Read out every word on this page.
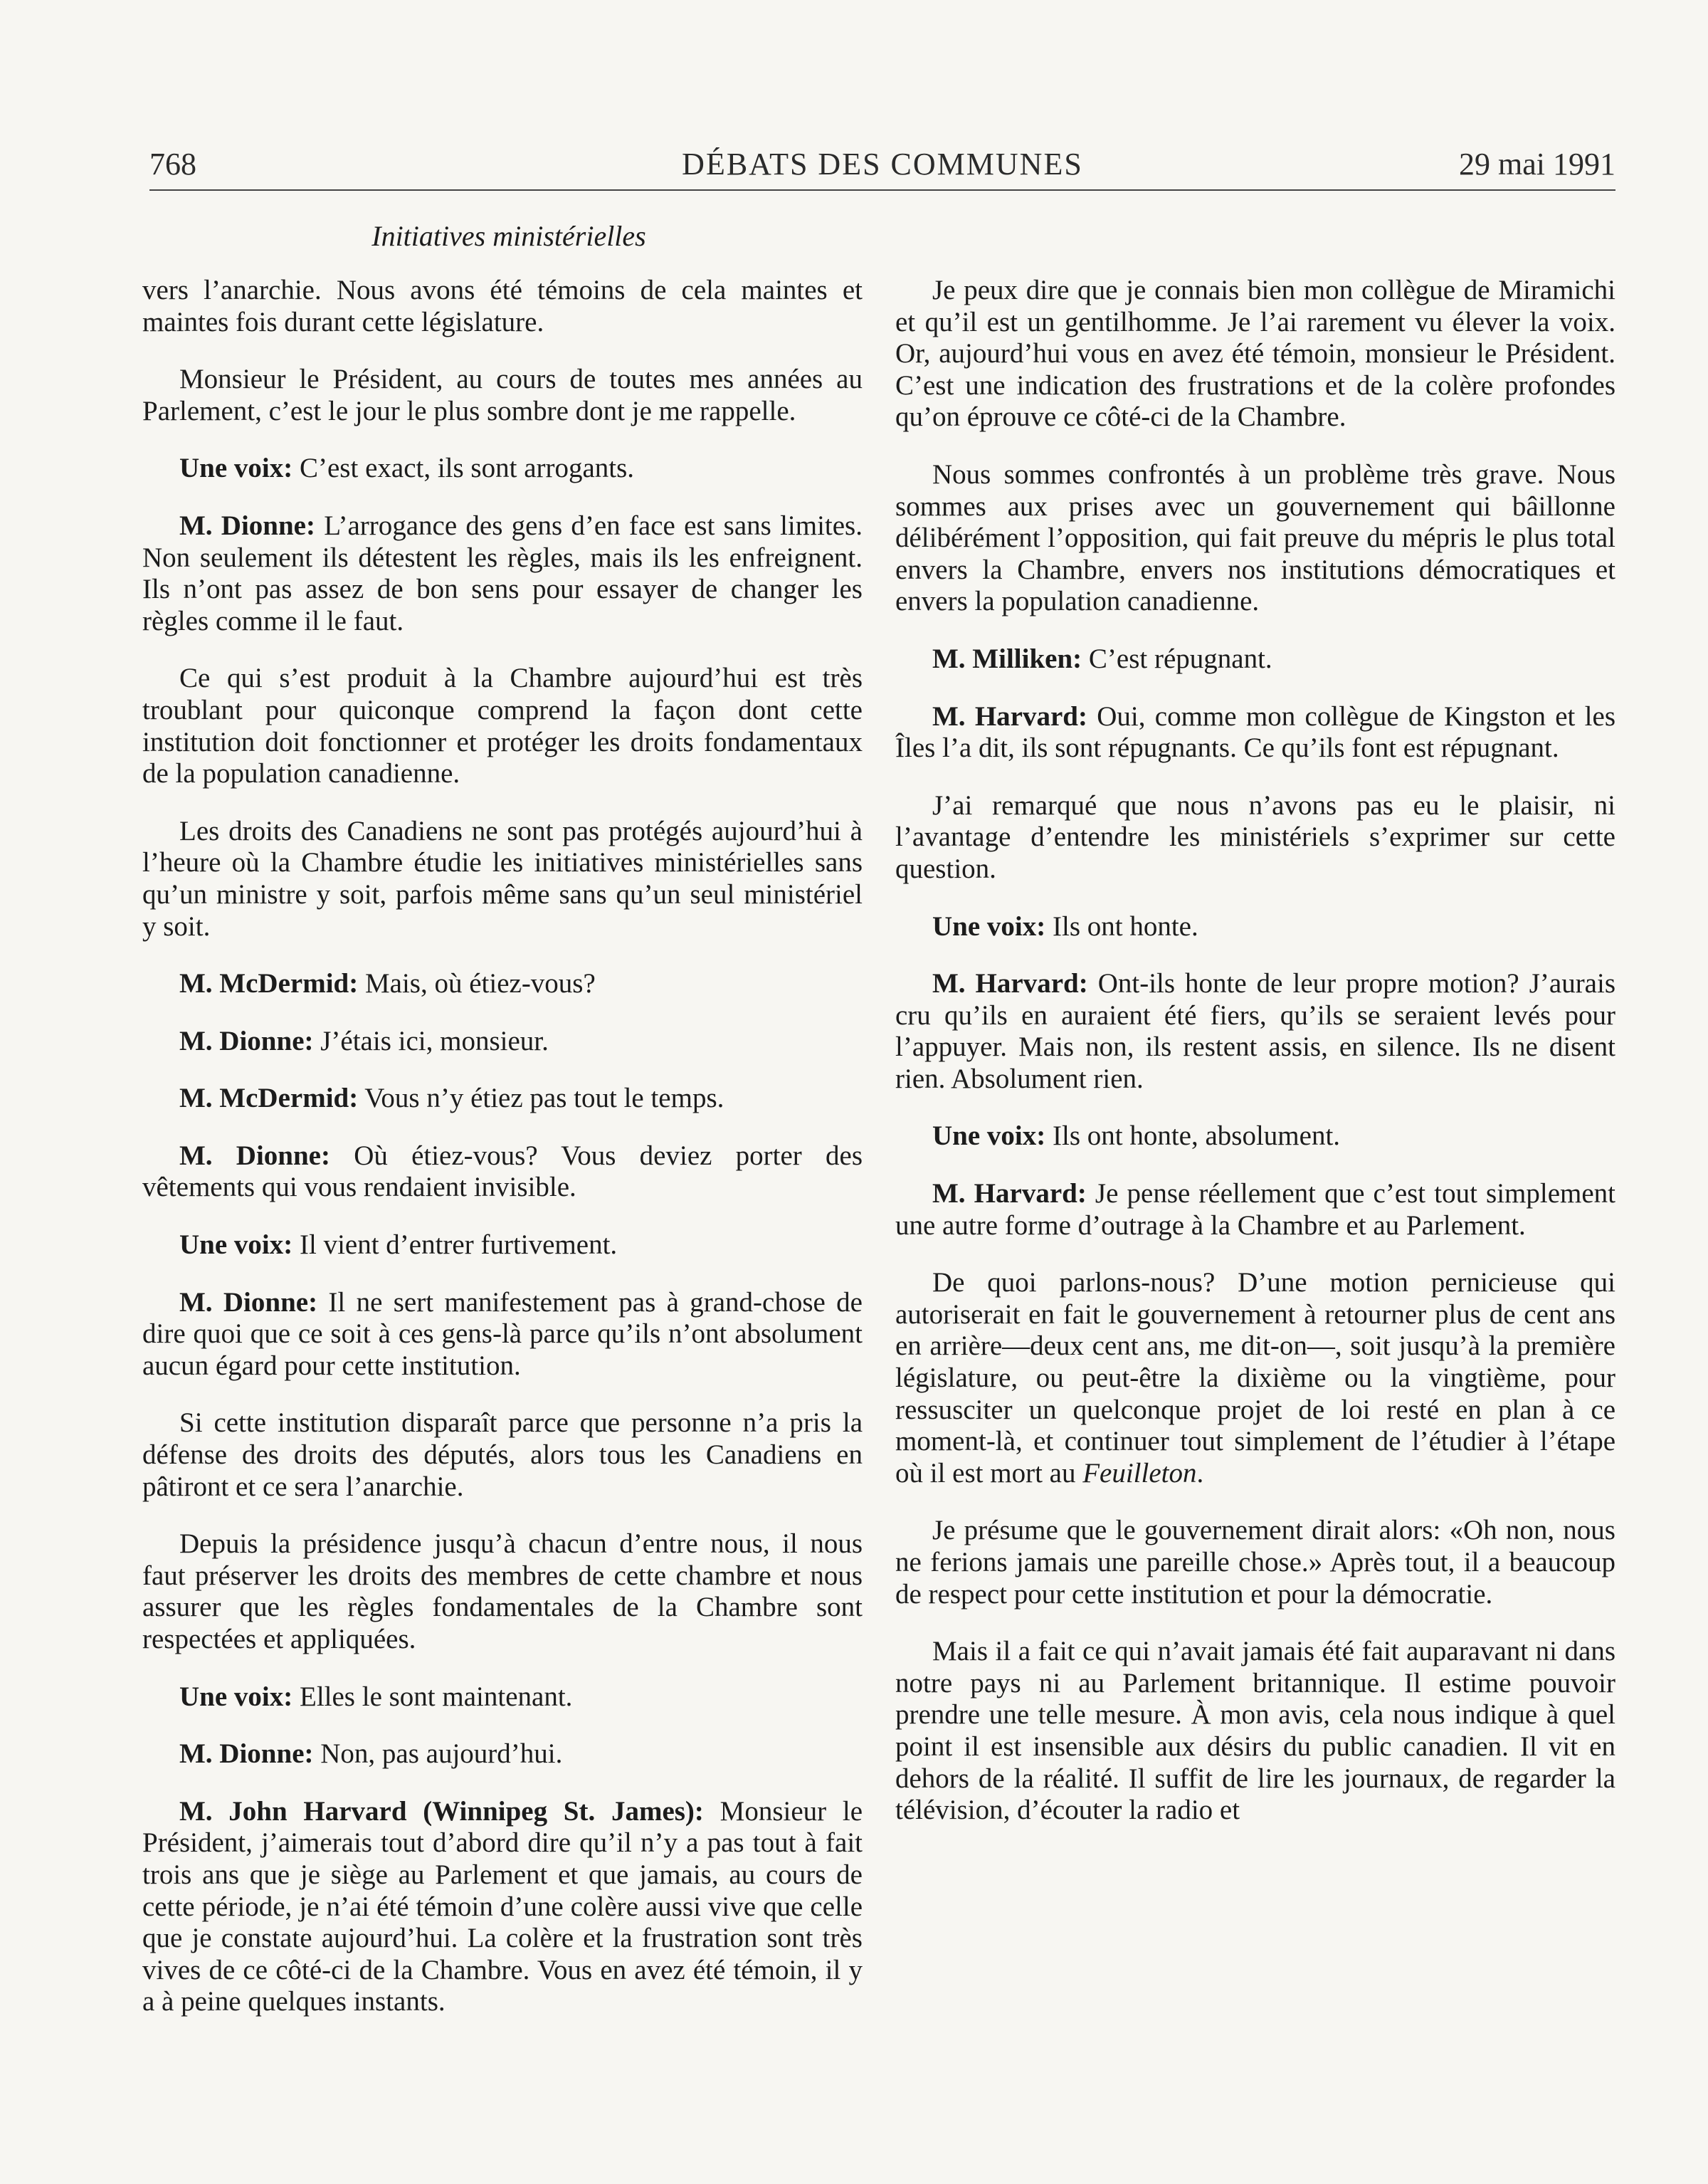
768	DÉBATS DES COMMUNES	29 mai 1991
Initiatives ministérielles

vers l’anarchie. Nous avons été témoins de cela maintes et maintes fois durant cette législature.

Monsieur le Président, au cours de toutes mes années au Parlement, c’est le jour le plus sombre dont je me rappelle.

Une voix: C’est exact, ils sont arrogants.

M. Dionne: L’arrogance des gens d’en face est sans limites. Non seulement ils détestent les règles, mais ils les enfreignent. Ils n’ont pas assez de bon sens pour essayer de changer les règles comme il le faut.

Ce qui s’est produit à la Chambre aujourd’hui est très troublant pour quiconque comprend la façon dont cette institution doit fonctionner et protéger les droits fondamentaux de la population canadienne.

Les droits des Canadiens ne sont pas protégés aujourd’hui à l’heure où la Chambre étudie les initiatives ministérielles sans qu’un ministre y soit, parfois même sans qu’un seul ministériel y soit.

M. McDermid: Mais, où étiez-vous?

M. Dionne: J’étais ici, monsieur.

M. McDermid: Vous n’y étiez pas tout le temps.

M. Dionne: Où étiez-vous? Vous deviez porter des vêtements qui vous rendaient invisible.

Une voix: Il vient d’entrer furtivement.

M. Dionne: Il ne sert manifestement pas à grand-chose de dire quoi que ce soit à ces gens-là parce qu’ils n’ont absolument aucun égard pour cette institution.

Si cette institution disparaît parce que personne n’a pris la défense des droits des députés, alors tous les Canadiens en pâtiront et ce sera l’anarchie.

Depuis la présidence jusqu’à chacun d’entre nous, il nous faut préserver les droits des membres de cette chambre et nous assurer que les règles fondamentales de la Chambre sont respectées et appliquées.

Une voix: Elles le sont maintenant.

M. Dionne: Non, pas aujourd’hui.

M. John Harvard (Winnipeg St. James): Monsieur le Président, j’aimerais tout d’abord dire qu’il n’y a pas tout à fait trois ans que je siège au Parlement et que jamais, au cours de cette période, je n’ai été témoin d’une colère aussi vive que celle que je constate aujourd’hui. La colère et la frustration sont très vives de ce côté-ci de la Chambre. Vous en avez été témoin, il y a à peine quelques instants.

Je peux dire que je connais bien mon collègue de Miramichi et qu’il est un gentilhomme. Je l’ai rarement vu élever la voix. Or, aujourd’hui vous en avez été témoin, monsieur le Président. C’est une indication des frustrations et de la colère profondes qu’on éprouve ce côté-ci de la Chambre.

Nous sommes confrontés à un problème très grave. Nous sommes aux prises avec un gouvernement qui bâillonne délibérément l’opposition, qui fait preuve du mépris le plus total envers la Chambre, envers nos institutions démocratiques et envers la population canadienne.

M. Milliken: C’est répugnant.

M. Harvard: Oui, comme mon collègue de Kingston et les Îles l’a dit, ils sont répugnants. Ce qu’ils font est répugnant.

J’ai remarqué que nous n’avons pas eu le plaisir, ni l’avantage d’entendre les ministériels s’exprimer sur cette question.

Une voix: Ils ont honte.

M. Harvard: Ont-ils honte de leur propre motion? J’aurais cru qu’ils en auraient été fiers, qu’ils se seraient levés pour l’appuyer. Mais non, ils restent assis, en silence. Ils ne disent rien. Absolument rien.

Une voix: Ils ont honte, absolument.

M. Harvard: Je pense réellement que c’est tout simplement une autre forme d’outrage à la Chambre et au Parlement.

De quoi parlons-nous? D’une motion pernicieuse qui autoriserait en fait le gouvernement à retourner plus de cent ans en arrière—deux cent ans, me dit-on—, soit jusqu’à la première législature, ou peut-être la dixième ou la vingtième, pour ressusciter un quelconque projet de loi resté en plan à ce moment-là, et continuer tout simplement de l’étudier à l’étape où il est mort au Feuilleton.

Je présume que le gouvernement dirait alors: «Oh non, nous ne ferions jamais une pareille chose.» Après tout, il a beaucoup de respect pour cette institution et pour la démocratie.

Mais il a fait ce qui n’avait jamais été fait auparavant ni dans notre pays ni au Parlement britannique. Il estime pouvoir prendre une telle mesure. À mon avis, cela nous indique à quel point il est insensible aux désirs du public canadien. Il vit en dehors de la réalité. Il suffit de lire les journaux, de regarder la télévision, d’écouter la radio et
